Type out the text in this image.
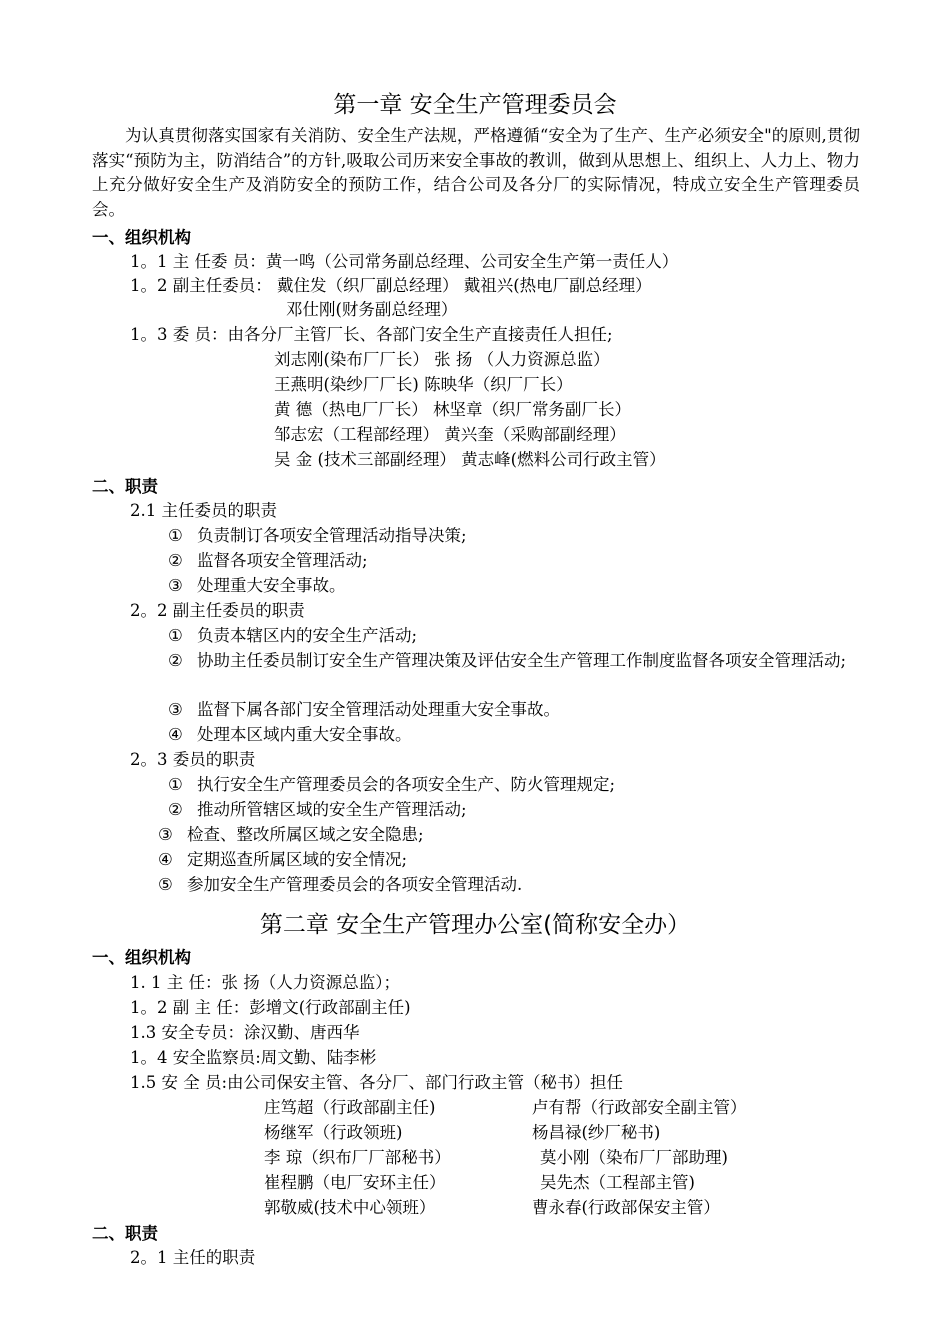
第一章 安全生产管理委员会
为认真贯彻落实国家有关消防、安全生产法规，严格遵循“安全为了生产、生产必须安全"的原则,贯彻落实“预防为主，防消结合”的方针,吸取公司历来安全事故的教训，做到从思想上、组织上、人力上、物力上充分做好安全生产及消防安全的预防工作，结合公司及各分厂的实际情况，特成立安全生产管理委员会。
一、组织机构
1。1 主 任委 员：黄一鸣（公司常务副总经理、公司安全生产第一责任人）
1。2 副主任委员： 戴住发（织厂副总经理） 戴祖兴(热电厂副总经理）
邓仕刚(财务副总经理）
1。3 委 员：由各分厂主管厂长、各部门安全生产直接责任人担任;
刘志刚(染布厂厂长） 张 扬 （人力资源总监）
王燕明(染纱厂厂长) 陈映华（织厂厂长）
黄 德（热电厂厂长） 林坚章（织厂常务副厂长）
邹志宏（工程部经理） 黄兴奎（采购部副经理）
吴 金 (技术三部副经理） 黄志峰(燃料公司行政主管）
二、职责
2.1 主任委员的职责
① 负责制订各项安全管理活动指导决策;
② 监督各项安全管理活动;
③ 处理重大安全事故。
2。2 副主任委员的职责
① 负责本辖区内的安全生产活动;
② 协助主任委员制订安全生产管理决策及评估安全生产管理工作制度监督各项安全管理活动;
③ 监督下属各部门安全管理活动处理重大安全事故。
④ 处理本区域内重大安全事故。
2。3 委员的职责
① 执行安全生产管理委员会的各项安全生产、防火管理规定;
② 推动所管辖区域的安全生产管理活动;
③ 检查、整改所属区域之安全隐患;
④ 定期巡查所属区域的安全情况;
⑤ 参加安全生产管理委员会的各项安全管理活动.
第二章 安全生产管理办公室(简称安全办）
一、组织机构
1. 1 主 任：张 扬（人力资源总监）；
1。2 副 主 任：彭增文(行政部副主任)
1.3 安全专员：涂汉勤、唐西华
1。4 安全监察员:周文勤、陆李彬
1.5 安 全 员:由公司保安主管、各分厂、部门行政主管（秘书）担任
庄笃超（行政部副主任)	卢有帮（行政部安全副主管）
杨继军（行政领班)	杨昌禄(纱厂秘书)
李 琼（织布厂厂部秘书）	莫小刚（染布厂厂部助理)
崔程鹏（电厂安环主任）	吴先杰（工程部主管)
郭敬威(技术中心领班）	曹永春(行政部保安主管）
二、职责
2。1 主任的职责
